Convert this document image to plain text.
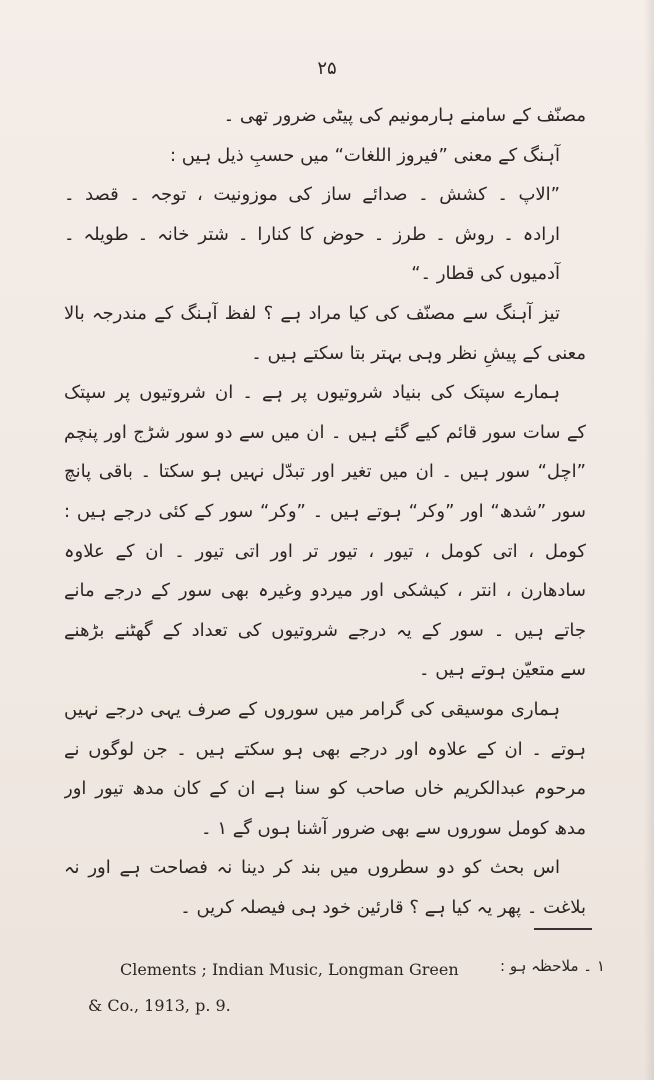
۲۵
مصنّف کے سامنے ہارمونیم کی پیٹی ضرور تھی ۔
آہنگ کے معنی ”فیروز اللغات“ میں حسبِ ذیل ہیں :
”الاپ ۔ کشش ۔ صدائے ساز کی موزونیت ، توجہ ۔ قصد ۔
ارادہ ۔ روش ۔ طرز ۔ حوض کا کنارا ۔ شتر خانہ ۔ طویلہ ۔
آدمیوں کی قطار ۔“
تیز آہنگ سے مصنّف کی کیا مراد ہے ؟ لفظ آہنگ کے مندرجہ بالا
معنی کے پیشِ نظر وہی بہتر بتا سکتے ہیں ۔
ہمارے سپتک کی بنیاد شروتیوں پر ہے ۔ ان شروتیوں پر سپتک
کے سات سور قائم کیے گئے ہیں ۔ ان میں سے دو سور شڑج اور پنچم
”اچل“ سور ہیں ۔ ان میں تغیر اور تبدّل نہیں ہو سکتا ۔ باقی پانچ
سور ”شدھ“ اور ”وکر“ ہوتے ہیں ۔ ”وکر“ سور کے کئی درجے ہیں :
کومل ، اتی کومل ، تیور ، تیور تر اور اتی تیور ۔ ان کے علاوہ
سادھارن ، انتر ، کیشکی اور میردو وغیرہ بھی سور کے درجے مانے
جاتے ہیں ۔ سور کے یہ درجے شروتیوں کی تعداد کے گھٹنے بڑھنے
سے متعیّن ہوتے ہیں ۔
ہماری موسیقی کی گرامر میں سوروں کے صرف یہی درجے نہیں
ہوتے ۔ ان کے علاوہ اور درجے بھی ہو سکتے ہیں ۔ جن لوگوں نے
مرحوم عبدالکریم خاں صاحب کو سنا ہے ان کے کان مدھ تیور اور
مدھ کومل سوروں سے بھی ضرور آشنا ہوں گے ۱ ۔
اس بحث کو دو سطروں میں بند کر دینا نہ فصاحت ہے اور نہ
بلاغت ۔ پھر یہ کیا ہے ؟ قارئین خود ہی فیصلہ کریں ۔
۱ ۔ ملاحظہ ہو :
Clements ; Indian Music, Longman Green
& Co., 1913, p. 9.
